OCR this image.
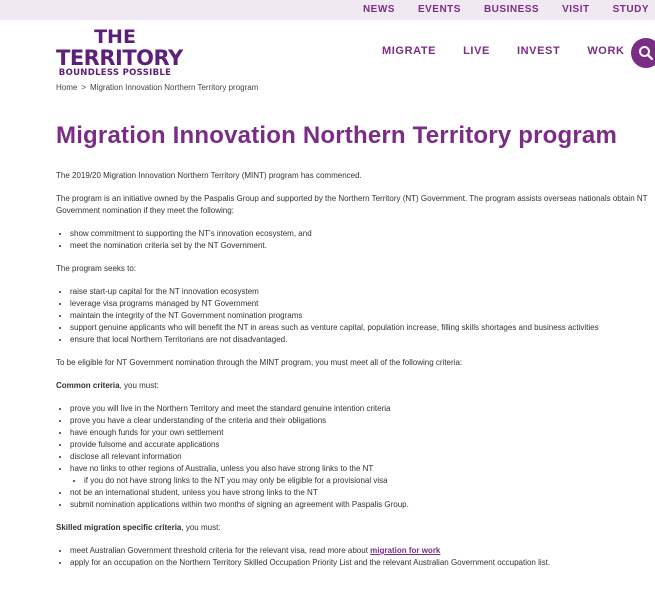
NEWS EVENTS BUSINESS VISIT STUDY
THE
TERRITORY
BOUNDLESS POSSIBLE
MIGRATE LIVE INVEST WORK
Home > Migration Innovation Northern Territory program
Migration Innovation Northern Territory program

The 2019/20 Migration Innovation Northern Territory (MINT) program has commenced.

The program is an initiative owned by the Paspalis Group and supported by the Northern Territory (NT) Government. The program assists overseas nationals obtain NT Government nomination if they meet the following:

• show commitment to supporting the NT's innovation ecosystem, and
• meet the nomination criteria set by the NT Government.

The program seeks to:

• raise start-up capital for the NT innovation ecosystem
• leverage visa programs managed by NT Government
• maintain the integrity of the NT Government nomination programs
• support genuine applicants who will benefit the NT in areas such as venture capital, population increase, filling skills shortages and business activities
• ensure that local Northern Territorians are not disadvantaged.

To be eligible for NT Government nomination through the MINT program, you must meet all of the following criteria:

Common criteria, you must:

• prove you will live in the Northern Territory and meet the standard genuine intention criteria
• prove you have a clear understanding of the criteria and their obligations
• have enough funds for your own settlement
• provide fulsome and accurate applications
• disclose all relevant information
• have no links to other regions of Australia, unless you also have strong links to the NT
• if you do not have strong links to the NT you may only be eligible for a provisional visa
• not be an international student, unless you have strong links to the NT
• submit nomination applications within two months of signing an agreement with Paspalis Group.

Skilled migration specific criteria, you must:

• meet Australian Government threshold criteria for the relevant visa, read more about migration for work
• apply for an occupation on the Northern Territory Skilled Occupation Priority List and the relevant Australian Government occupation list.
